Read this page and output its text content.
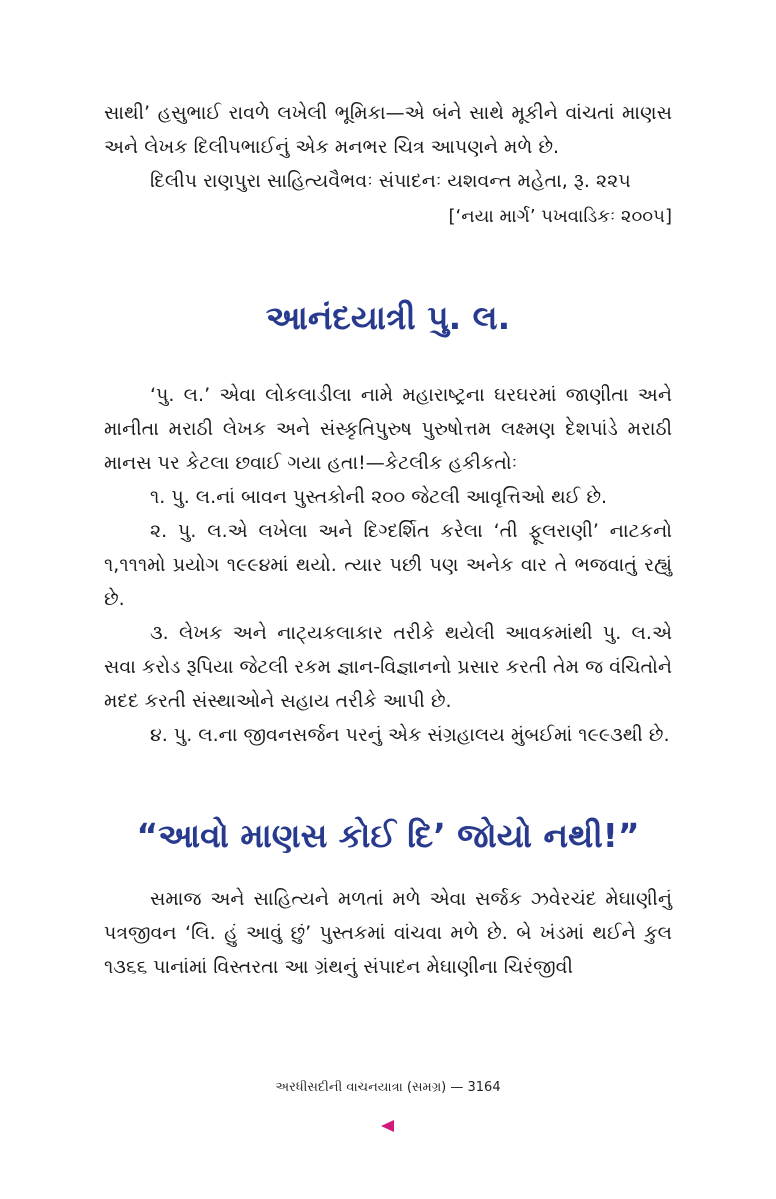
સાથી’ હસુભાઈ રાવળે લખેલી ભૂમિકા—એ બંને સાથે મૂકીને વાંચતાં માણસ અને લેખક દિલીપભાઈનું એક મનભર ચિત્ર આપણને મળે છે.

દિલીપ રાણપુરા સાહિત્યવૈભવઃ સંપાદનઃ યશવન્ત મહેતા, રૂ. ૨૨૫

[‘નયા માર્ગ’ પખવાડિકઃ ૨૦૦૫]

આનંદયાત્રી પુ. લ.

‘પુ. લ.’ એવા લોકલાડીલા નામે મહારાષ્ટ્રના ઘરઘરમાં જાણીતા અને માનીતા મરાઠી લેખક અને સંસ્કૃતિપુરુષ પુરુષોત્તમ લક્ષ્મણ દેશપાંડે મરાઠી માનસ પર કેટલા છવાઈ ગયા હતા!—કેટલીક હકીકતોઃ

૧. પુ. લ.નાં બાવન પુસ્તકોની ૨૦૦ જેટલી આવૃત્તિઓ થઈ છે.

૨. પુ. લ.એ લખેલા અને દિગ્દર્શિત કરેલા ‘તી ફૂલરાણી’ નાટકનો ૧,૧૧૧મો પ્રયોગ ૧૯૯૪માં થયો. ત્યાર પછી પણ અનેક વાર તે ભજવાતું રહ્યું છે.

૩. લેખક અને નાટ્યકલાકાર તરીકે થયેલી આવકમાંથી પુ. લ.એ સવા કરોડ રૂપિયા જેટલી રકમ જ્ઞાન-વિજ્ઞાનનો પ્રસાર કરતી તેમ જ વંચિતોને મદદ કરતી સંસ્થાઓને સહાય તરીકે આપી છે.

૪. પુ. લ.ના જીવનસર્જન પરનું એક સંગ્રહાલય મુંબઈમાં ૧૯૯૩થી છે.

“આવો માણસ કોઈ દિ’ જોયો નથી!”

સમાજ અને સાહિત્યને મળતાં મળે એવા સર્જક ઝવેરચંદ મેઘાણીનું પત્રજીવન ‘લિ. હું આવું છું’ પુસ્તકમાં વાંચવા મળે છે. બે ખંડમાં થઈને કુલ ૧૩૬૬ પાનાંમાં વિસ્તરતા આ ગ્રંથનું સંપાદન મેઘાણીના ચિરંજીવી

અરધીસદીની વાચનયાત્રા (સમગ્ર) — 3164
